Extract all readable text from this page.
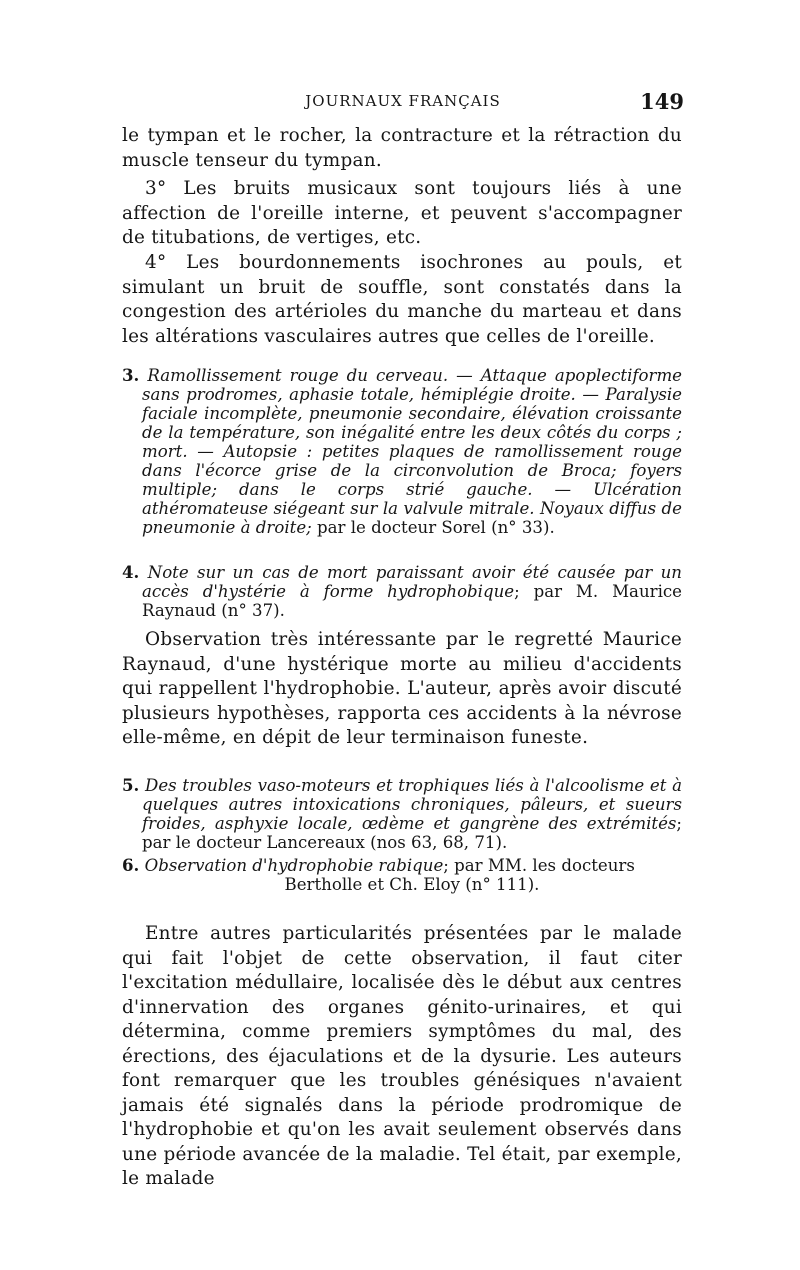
JOURNAUX FRANÇAIS	149

le tympan et le rocher, la contracture et la rétraction du muscle tenseur du tympan.

3° Les bruits musicaux sont toujours liés à une affection de l'oreille interne, et peuvent s'accompagner de titubations, de vertiges, etc.

4° Les bourdonnements isochrones au pouls, et simulant un bruit de souffle, sont constatés dans la congestion des artérioles du manche du marteau et dans les altérations vasculaires autres que celles de l'oreille.

3. Ramollissement rouge du cerveau. — Attaque apoplectiforme sans prodromes, aphasie totale, hémiplégie droite. — Paralysie faciale incomplète, pneumonie secondaire, élévation croissante de la température, son inégalité entre les deux côtés du corps ; mort. — Autopsie : petites plaques de ramollissement rouge dans l'écorce grise de la circonvolution de Broca; foyers multiple; dans le corps strié gauche. — Ulcération athéromateuse siégeant sur la valvule mitrale. Noyaux diffus de pneumonie à droite; par le docteur Sorel (n° 33).

4. Note sur un cas de mort paraissant avoir été causée par un accès d'hystérie à forme hydrophobique; par M. Maurice Raynaud (n° 37).

Observation très intéressante par le regretté Maurice Raynaud, d'une hystérique morte au milieu d'accidents qui rappellent l'hydrophobie. L'auteur, après avoir discuté plusieurs hypothèses, rapporta ces accidents à la névrose elle-même, en dépit de leur terminaison funeste.

5. Des troubles vaso-moteurs et trophiques liés à l'alcoolisme et à quelques autres intoxications chroniques, pâleurs, et sueurs froides, asphyxie locale, œdème et gangrène des extrémités; par le docteur Lancereaux (nos 63, 68, 71).

6. Observation d'hydrophobie rabique; par MM. les docteurs
Bertholle et Ch. Eloy (n° 111).

Entre autres particularités présentées par le malade qui fait l'objet de cette observation, il faut citer l'excitation médullaire, localisée dès le début aux centres d'innervation des organes génito-urinaires, et qui détermina, comme premiers symptômes du mal, des érections, des éjaculations et de la dysurie. Les auteurs font remarquer que les troubles génésiques n'avaient jamais été signalés dans la période prodromique de l'hydrophobie et qu'on les avait seulement observés dans une période avancée de la maladie. Tel était, par exemple, le malade
